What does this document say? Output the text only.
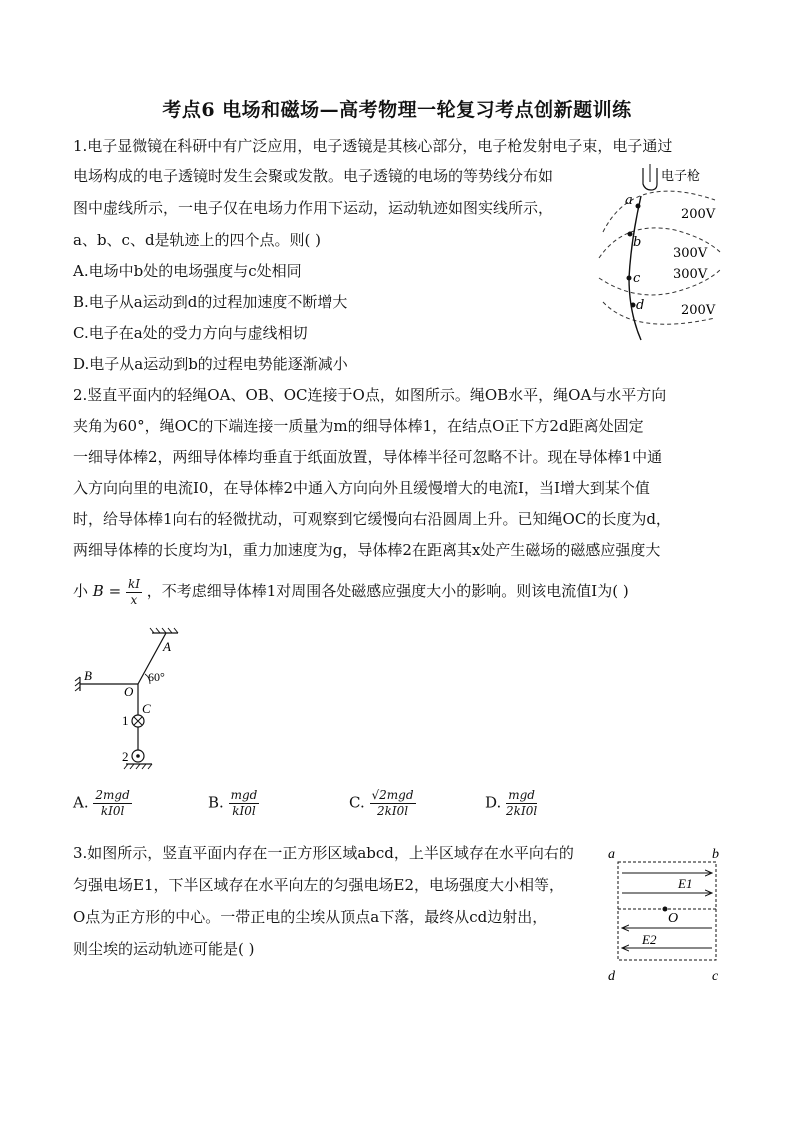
考点6 电场和磁场—高考物理一轮复习考点创新题训练
1.电子显微镜在科研中有广泛应用，电子透镜是其核心部分，电子枪发射电子束，电子通过
电场构成的电子透镜时发生会聚或发散。电子透镜的电场的等势线分布如
图中虚线所示，一电子仅在电场力作用下运动，运动轨迹如图实线所示，
a、b、c、d是轨迹上的四个点。则( )
A.电场中b处的电场强度与c处相同
B.电子从a运动到d的过程加速度不断增大
C.电子在a处的受力方向与虚线相切
D.电子从a运动到b的过程电势能逐渐减小
电子枪
a
b
c
d
200V
300V
300V
200V
2.竖直平面内的轻绳OA、OB、OC连接于O点，如图所示。绳OB水平，绳OA与水平方向
夹角为60°，绳OC的下端连接一质量为m的细导体棒1，在结点O正下方2d距离处固定
一细导体棒2，两细导体棒均垂直于纸面放置，导体棒半径可忽略不计。现在导体棒1中通
入方向向里的电流I0，在导体棒2中通入方向向外且缓慢增大的电流I，当I增大到某个值
时，给导体棒1向右的轻微扰动，可观察到它缓慢向右沿圆周上升。已知绳OC的长度为d，
两细导体棒的长度均为l，重力加速度为g，导体棒2在距离其x处产生磁场的磁感应强度大
小 $B = \frac{kI}{x}$ ，不考虑细导体棒1对周围各处磁感应强度大小的影响。则该电流值I为( )
A
B
O
C
1
2
60°
A. $\frac{\text{2mgd}}{kI0l}$	B. $\frac{\text{mgd}}{kI0l}$	C. $\frac{\text{√2mgd}}{2kI0l}$	D. $\frac{\text{mgd}}{2kI0l}$
3.如图所示，竖直平面内存在一正方形区域abcd，上半区域存在水平向右的
匀强电场E1，下半区域存在水平向左的匀强电场E2，电场强度大小相等，
O点为正方形的中心。一带正电的尘埃从顶点a下落，最终从cd边射出，
则尘埃的运动轨迹可能是( )
a	b
c
d
O
E1
E2
